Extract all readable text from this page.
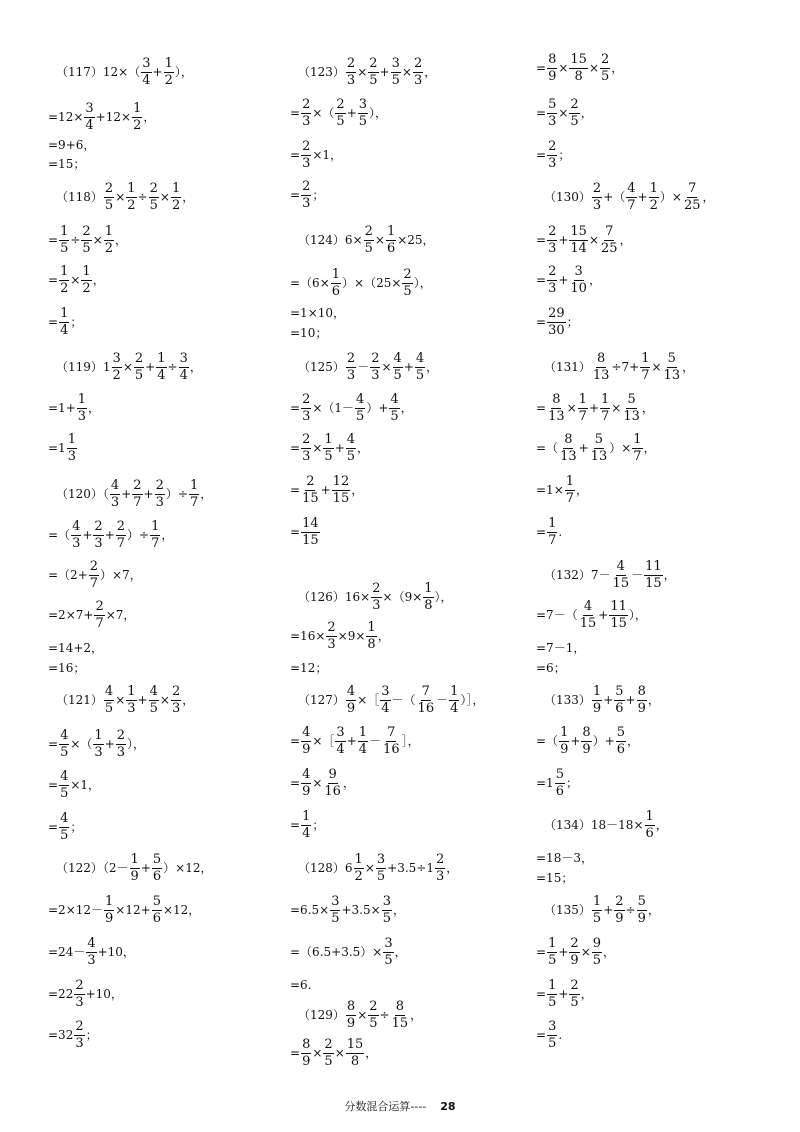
$(117)12\times( \frac{3}{4} + \frac{1}{2}$ ），
$=12\times \frac{3}{4} +12\times \frac{1}{2}$ ，
=9+6，
=15；
$(118) \frac{2}{5} \times \frac{1}{2} \div \frac{2}{5} \times \frac{1}{2}$ ，
= $\frac{1}{5} \div \frac{2}{5} \times \frac{1}{2}$ ，
= $\frac{1}{2} \times \frac{1}{2}$ ，
= $\frac{1}{4}$ ；
$(119)1 \frac{3}{2} \times \frac{2}{5} + \frac{1}{4} \div \frac{3}{4}$ ，
$=1+ \frac{1}{3}$ ，
$=1 \frac{1}{3}$
$(120)( \frac{4}{3} + \frac{2}{7} + \frac{2}{3}$ ）÷ $\frac{1}{7}$ ，
=（ $\frac{4}{3} + \frac{2}{3} + \frac{2}{7}$ ）÷ $\frac{1}{7}$ ，
$=(2+ \frac{2}{7} )\times 7$，
$=2\times 7+ \frac{2}{7} \times 7$，
=14+2，
=16；
$(121) \frac{4}{5} \times \frac{1}{3} + \frac{4}{5} \times \frac{2}{3}$ ，
= $\frac{4}{5}$ ×（ $\frac{1}{3} + \frac{2}{3}$ ），
= $\frac{4}{5} \times 1$，
= $\frac{4}{5}$ ；
$(122)(2- \frac{1}{9} + \frac{5}{6} )\times 12$，
$=2\times 12- \frac{1}{9} \times 12+ \frac{5}{6} \times 12$，
$=24- \frac{4}{3} +10$，
$=22 \frac{2}{3} +10$，
$=32 \frac{2}{3}$ ；
$(123) \frac{2}{3} \times \frac{2}{5} + \frac{3}{5} \times \frac{2}{3}$ ，
= $\frac{2}{3}$ ×（ $\frac{2}{5} + \frac{3}{5}$ ），
= $\frac{2}{3} \times 1$，
= $\frac{2}{3}$ ；
$(124)6\times \frac{2}{5} \times \frac{1}{6} \times 25$，
$=(6\times \frac{1}{6} )\times(25\times \frac{2}{5}$ ），
=1×10，
=10；
$(125) \frac{2}{3} - \frac{2}{3} \times \frac{4}{5} + \frac{4}{5}$ ，
= $\frac{2}{3} \times(1- \frac{4}{5}$ ）+ $\frac{4}{5}$ ，
= $\frac{2}{3} \times \frac{1}{5} + \frac{4}{5}$ ，
= $\frac{2}{15} + \frac{12}{15}$ ，
= $\frac{14}{15}$
$(126)16\times \frac{2}{3} \times(9\times \frac{1}{8}$ ），
$=16\times \frac{2}{3} \times 9\times \frac{1}{8}$ ，
=12；
$(127) \frac{4}{9}$ ×［ $\frac{3}{4}$ －（ $\frac{7}{16} - \frac{1}{4}$ ）］，
= $\frac{4}{9}$ ×［ $\frac{3}{4} + \frac{1}{4} - \frac{7}{16}$ ］，
= $\frac{4}{9} \times \frac{9}{16}$ ，
= $\frac{1}{4}$ ；
$(128)6 \frac{1}{2} \times \frac{3}{5} +3.5\div 1 \frac{2}{3}$ ，
$=6.5\times \frac{3}{5} +3.5\times \frac{3}{5}$ ，
$=(6.5+3.5)\times \frac{3}{5}$ ，
=6.
$(129) \frac{8}{9} \times \frac{2}{5} \div \frac{8}{15}$ ，
= $\frac{8}{9} \times \frac{2}{5} \times \frac{15}{8}$ ，
= $\frac{8}{9} \times \frac{15}{8} \times \frac{2}{5}$ ，
= $\frac{5}{3} \times \frac{2}{5}$ ，
= $\frac{2}{3}$ ；
$(130) \frac{2}{3}$ +（ $\frac{4}{7} + \frac{1}{2}$ ）× $\frac{7}{25}$ ，
= $\frac{2}{3} + \frac{15}{14} \times \frac{7}{25}$ ，
= $\frac{2}{3} + \frac{3}{10}$ ，
= $\frac{29}{30}$ ；
$(131) \frac{8}{13} \div 7+ \frac{1}{7} \times \frac{5}{13}$ ，
= $\frac{8}{13} \times \frac{1}{7} + \frac{1}{7} \times \frac{5}{13}$ ，
=（ $\frac{8}{13} + \frac{5}{13}$ ）× $\frac{1}{7}$ ，
$=1\times \frac{1}{7}$ ，
= $\frac{1}{7}$ .
$(132)7- \frac{4}{15} - \frac{11}{15}$ ，
$=7-( \frac{4}{15} + \frac{11}{15}$ ），
=7－1，
=6；
$(133) \frac{1}{9} + \frac{5}{6} + \frac{8}{9}$ ，
=（ $\frac{1}{9} + \frac{8}{9}$ ）+ $\frac{5}{6}$ ，
$=1 \frac{5}{6}$ ；
$(134)18-18\times \frac{1}{6}$ ，
=18－3，
=15；
$(135) \frac{1}{5} + \frac{2}{9} \div \frac{5}{9}$ ，
= $\frac{1}{5} + \frac{2}{9} \times \frac{9}{5}$ ，
= $\frac{1}{5} + \frac{2}{5}$ ，
= $\frac{3}{5}$ .
分数混合运算---- 28
